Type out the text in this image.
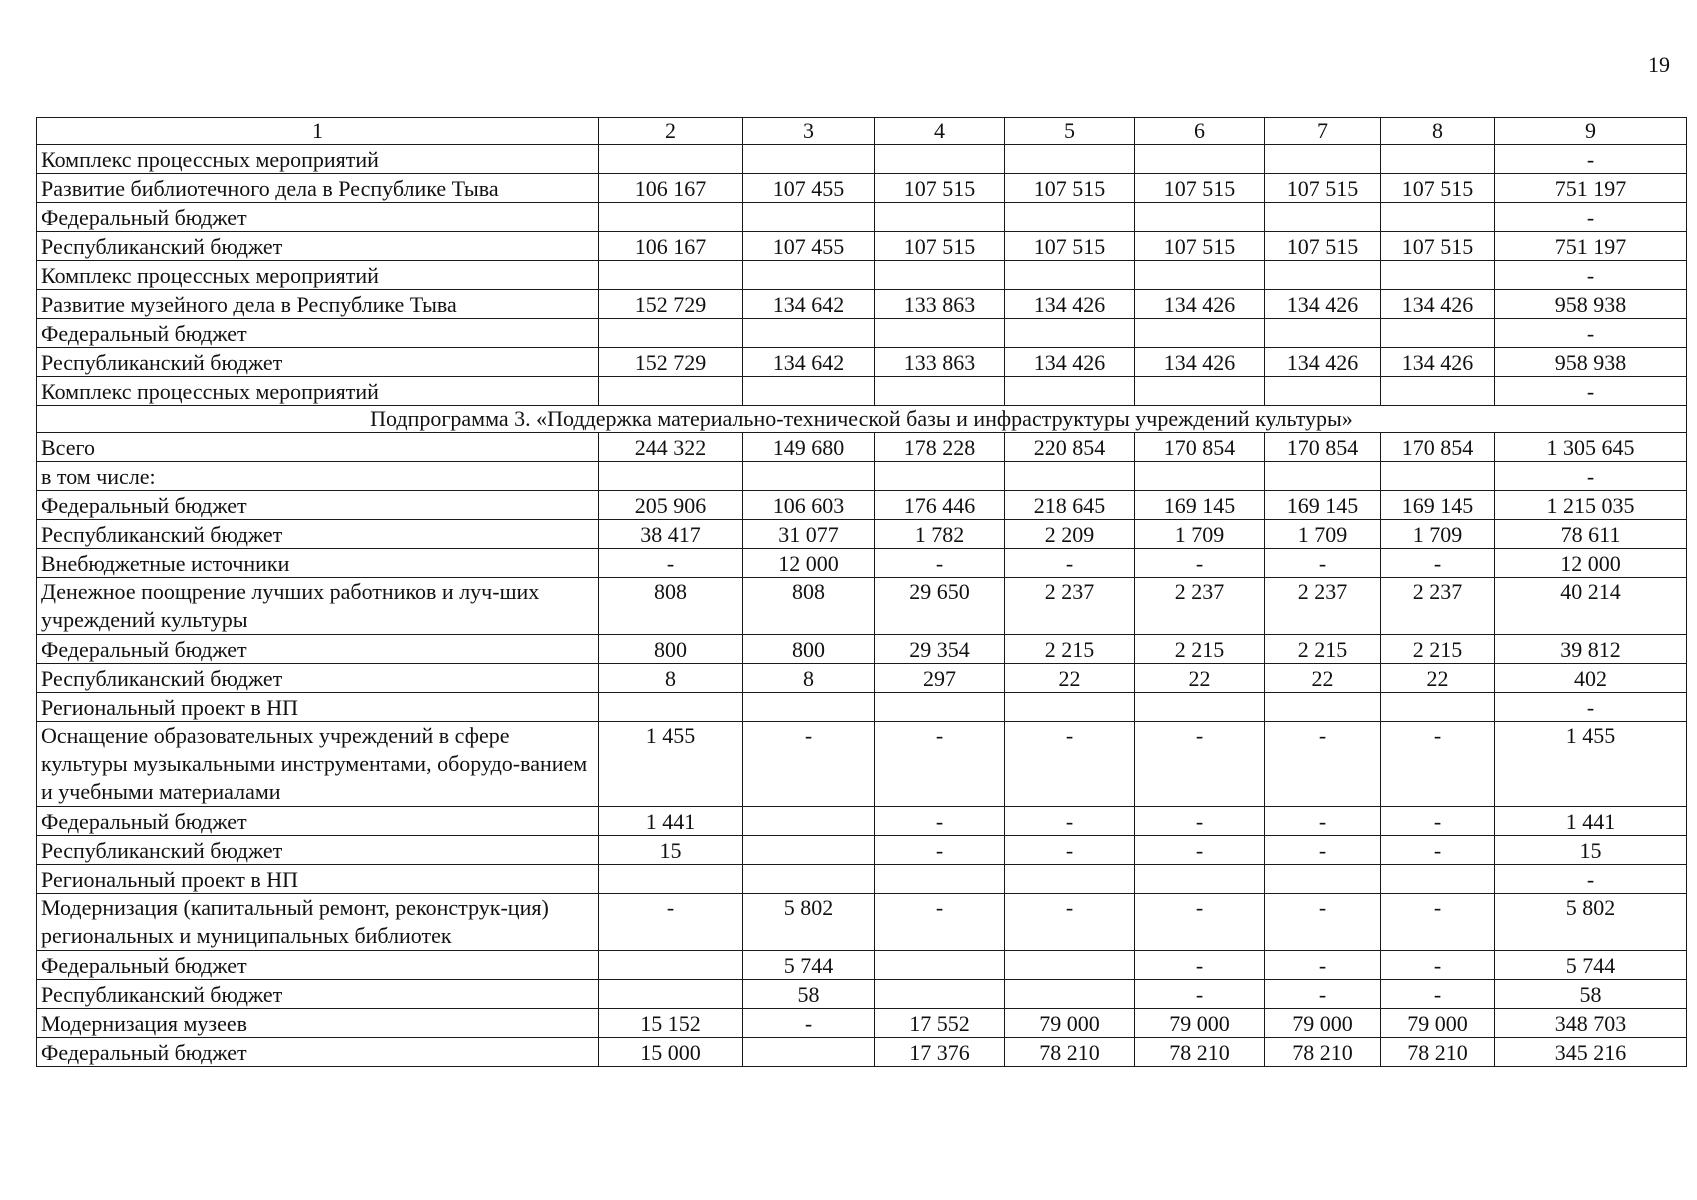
19
1	2	3	4	5	6	7	8	9
Комплекс процессных мероприятий								-
Развитие библиотечного дела в Республике Тыва	106 167	107 455	107 515	107 515	107 515	107 515	107 515	751 197
Федеральный бюджет								-
Республиканский бюджет	106 167	107 455	107 515	107 515	107 515	107 515	107 515	751 197
Комплекс процессных мероприятий								-
Развитие музейного дела в Республике Тыва	152 729	134 642	133 863	134 426	134 426	134 426	134 426	958 938
Федеральный бюджет								-
Республиканский бюджет	152 729	134 642	133 863	134 426	134 426	134 426	134 426	958 938
Комплекс процессных мероприятий								-
Подпрограмма 3. «Поддержка материально-технической базы и инфраструктуры учреждений культуры»								
Всего	244 322	149 680	178 228	220 854	170 854	170 854	170 854	1 305 645
в том числе:								-
Федеральный бюджет	205 906	106 603	176 446	218 645	169 145	169 145	169 145	1 215 035
Республиканский бюджет	38 417	31 077	1 782	2 209	1 709	1 709	1 709	78 611
Внебюджетные источники	-	12 000	-	-	-	-	-	12 000
Денежное поощрение лучших работников и луч-ших учреждений культуры	808	808	29 650	2 237	2 237	2 237	2 237	40 214
Федеральный бюджет	800	800	29 354	2 215	2 215	2 215	2 215	39 812
Республиканский бюджет	8	8	297	22	22	22	22	402
Региональный проект в НП								-
Оснащение образовательных учреждений в сфере культуры музыкальными инструментами, оборудо-ванием и учебными материалами	1 455	-	-	-	-	-	-	1 455
Федеральный бюджет	1 441		-	-	-	-	-	1 441
Республиканский бюджет	15		-	-	-	-	-	15
Региональный проект в НП								-
Модернизация (капитальный ремонт, реконструк-ция) региональных и муниципальных библиотек	-	5 802	-	-	-	-	-	5 802
Федеральный бюджет		5 744			-	-	-	5 744
Республиканский бюджет		58			-	-	-	58
Модернизация музеев	15 152	-	17 552	79 000	79 000	79 000	79 000	348 703
Федеральный бюджет	15 000		17 376	78 210	78 210	78 210	78 210	345 216
